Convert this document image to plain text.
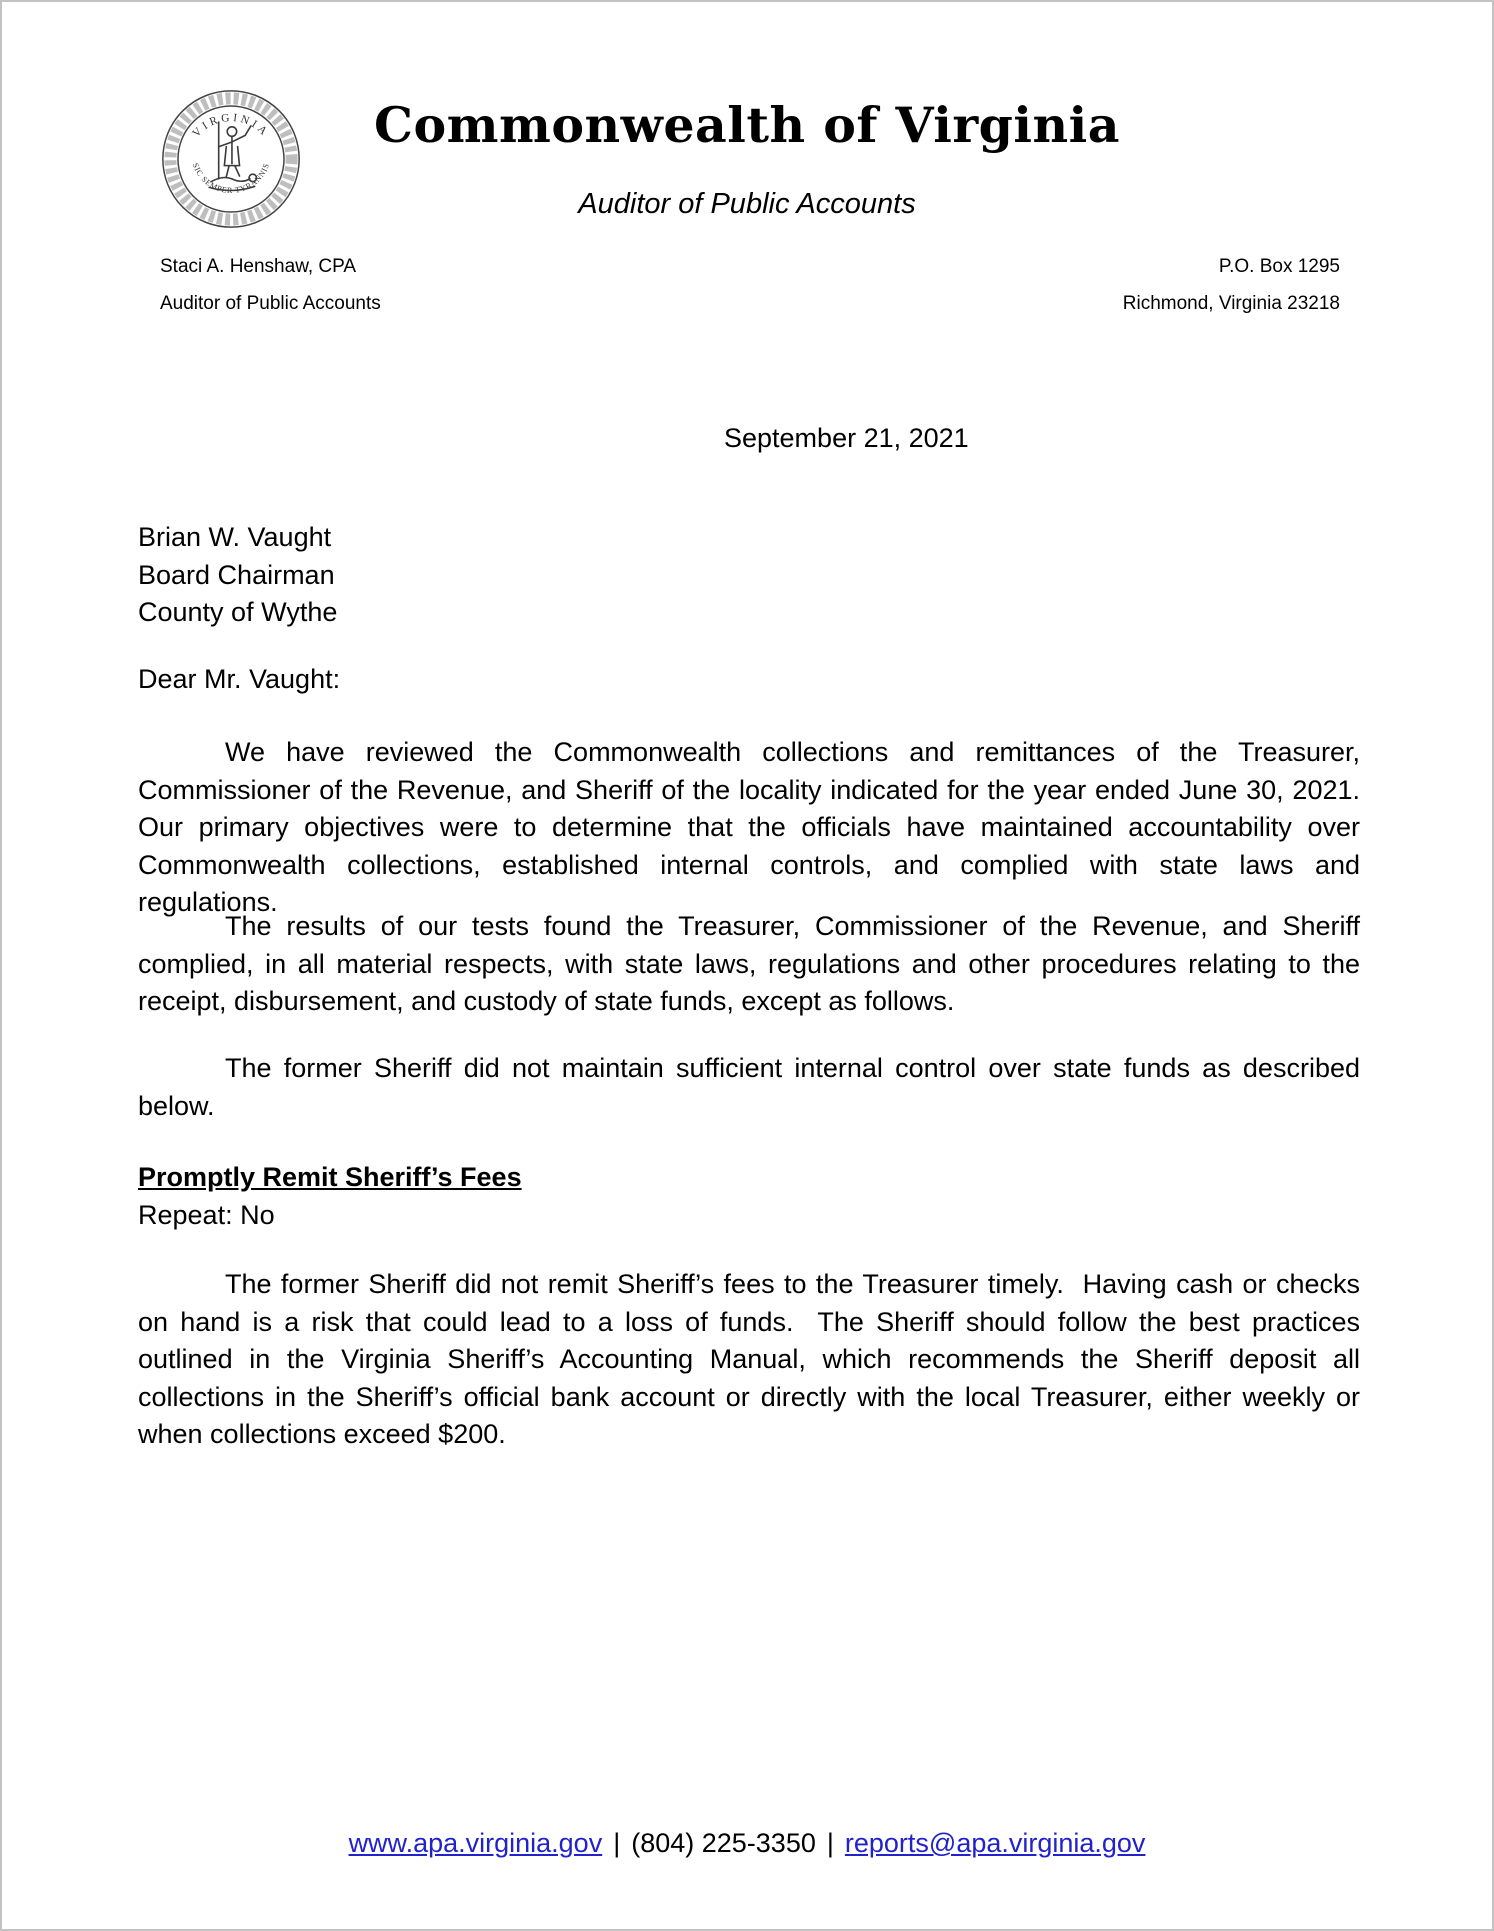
VIRGINIA
SIC SEMPER TYRANNIS
Commonwealth of Virginia
Auditor of Public Accounts
Staci A. Henshaw, CPA
Auditor of Public Accounts
P.O. Box 1295
Richmond, Virginia 23218
September 21, 2021
Brian W. Vaught
Board Chairman
County of Wythe
Dear Mr. Vaught:
We have reviewed the Commonwealth collections and remittances of the Treasurer, Commissioner of the Revenue, and Sheriff of the locality indicated for the year ended June 30, 2021.  Our primary objectives were to determine that the officials have maintained accountability over Commonwealth collections, established internal controls, and complied with state laws and regulations.
The results of our tests found the Treasurer, Commissioner of the Revenue, and Sheriff complied, in all material respects, with state laws, regulations and other procedures relating to the receipt, disbursement, and custody of state funds, except as follows.
The former Sheriff did not maintain sufficient internal control over state funds as described below.
Promptly Remit Sheriff’s Fees
Repeat: No
The former Sheriff did not remit Sheriff’s fees to the Treasurer timely.  Having cash or checks on hand is a risk that could lead to a loss of funds.  The Sheriff should follow the best practices outlined in the Virginia Sheriff’s Accounting Manual, which recommends the Sheriff deposit all collections in the Sheriff’s official bank account or directly with the local Treasurer, either weekly or when collections exceed $200.
www.apa.virginia.gov | (804) 225-3350 | reports@apa.virginia.gov
